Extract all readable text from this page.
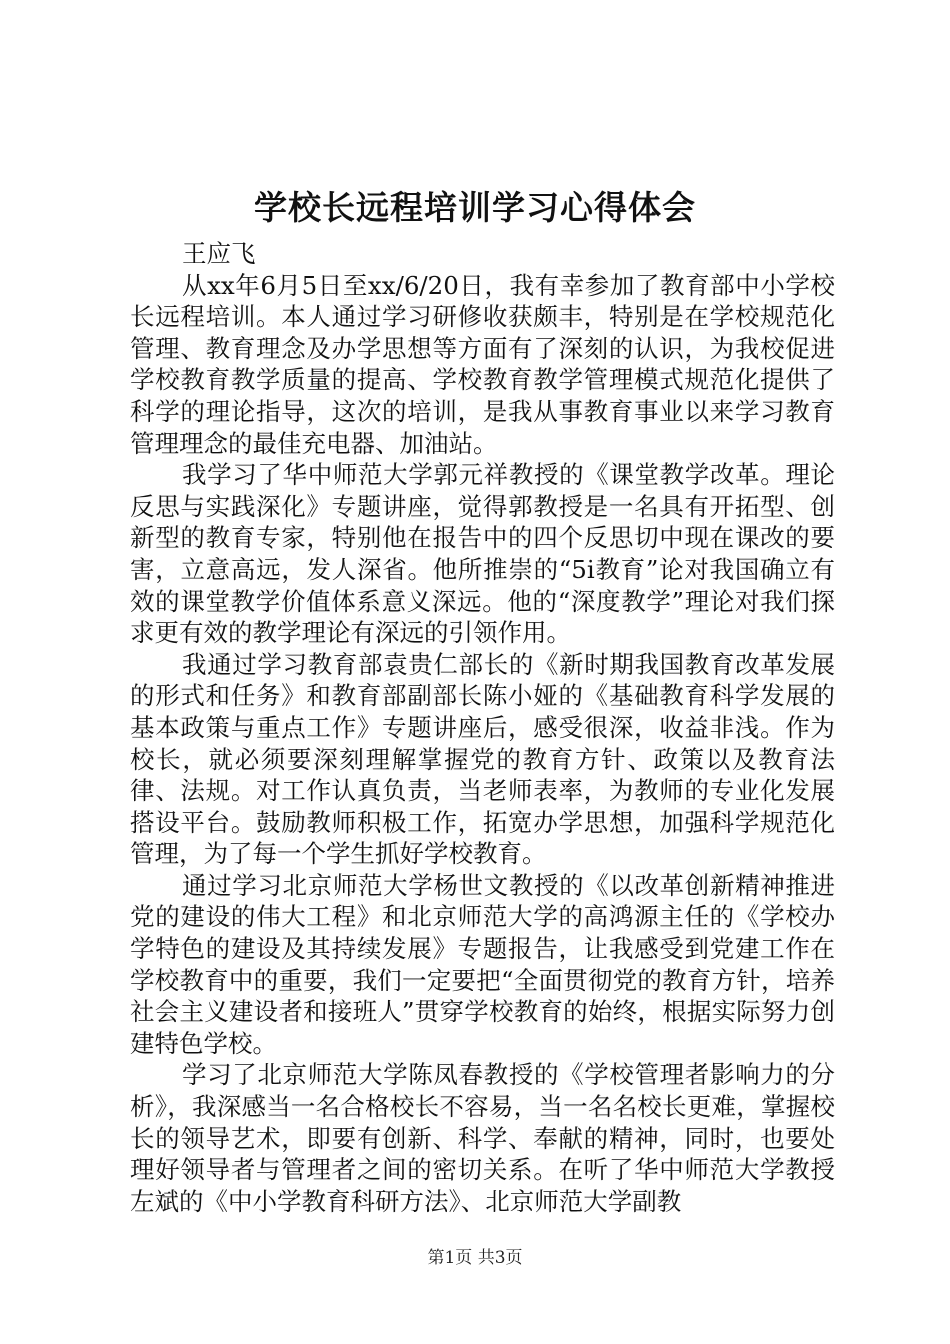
学校长远程培训学习心得体会

王应飞

从xx年6月5日至xx/6/20日，我有幸参加了教育部中小学校长远程培训。本人通过学习研修收获颇丰，特别是在学校规范化管理、教育理念及办学思想等方面有了深刻的认识，为我校促进学校教育教学质量的提高、学校教育教学管理模式规范化提供了科学的理论指导，这次的培训，是我从事教育事业以来学习教育管理理念的最佳充电器、加油站。

我学习了华中师范大学郭元祥教授的《课堂教学改革。理论反思与实践深化》专题讲座，觉得郭教授是一名具有开拓型、创新型的教育专家，特别他在报告中的四个反思切中现在课改的要害，立意高远，发人深省。他所推崇的“5i教育”论对我国确立有效的课堂教学价值体系意义深远。他的“深度教学”理论对我们探求更有效的教学理论有深远的引领作用。

我通过学习教育部袁贵仁部长的《新时期我国教育改革发展的形式和任务》和教育部副部长陈小娅的《基础教育科学发展的基本政策与重点工作》专题讲座后，感受很深，收益非浅。作为校长，就必须要深刻理解掌握党的教育方针、政策以及教育法律、法规。对工作认真负责，当老师表率，为教师的专业化发展搭设平台。鼓励教师积极工作，拓宽办学思想，加强科学规范化管理，为了每一个学生抓好学校教育。

通过学习北京师范大学杨世文教授的《以改革创新精神推进党的建设的伟大工程》和北京师范大学的高鸿源主任的《学校办学特色的建设及其持续发展》专题报告，让我感受到党建工作在学校教育中的重要，我们一定要把“全面贯彻党的教育方针，培养社会主义建设者和接班人”贯穿学校教育的始终，根据实际努力创建特色学校。

学习了北京师范大学陈凤春教授的《学校管理者影响力的分析》，我深感当一名合格校长不容易，当一名名校长更难，掌握校长的领导艺术，即要有创新、科学、奉献的精神，同时，也要处理好领导者与管理者之间的密切关系。在听了华中师范大学教授左斌的《中小学教育科研方法》、北京师范大学副教

第1页 共3页
